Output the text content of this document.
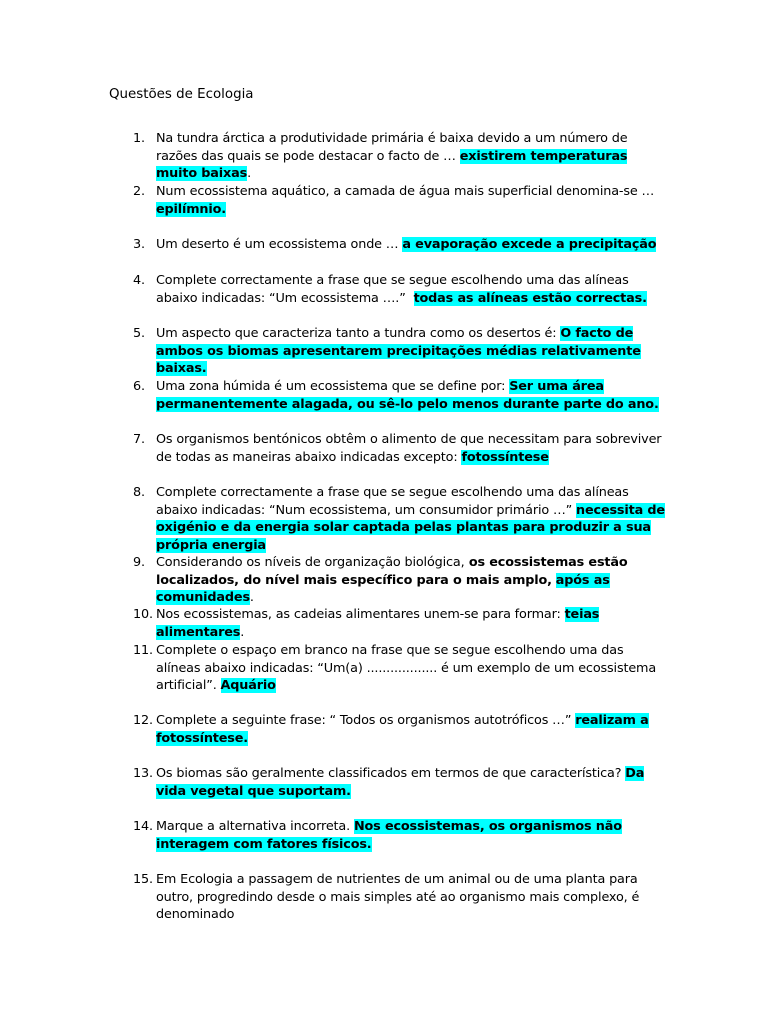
Questões de Ecologia
1. Na tundra árctica a produtividade primária é baixa devido a um número de razões das quais se pode destacar o facto de … existirem temperaturas muito baixas.
2. Num ecossistema aquático, a camada de água mais superficial denomina-se … epilímnio.
3. Um deserto é um ecossistema onde … a evaporação excede a precipitação
4. Complete correctamente a frase que se segue escolhendo uma das alíneas abaixo indicadas: “Um ecossistema ….” todas as alíneas estão correctas.
5. Um aspecto que caracteriza tanto a tundra como os desertos é: O facto de ambos os biomas apresentarem precipitações médias relativamente baixas.
6. Uma zona húmida é um ecossistema que se define por: Ser uma área permanentemente alagada, ou sê-lo pelo menos durante parte do ano.
7. Os organismos bentónicos obtêm o alimento de que necessitam para sobreviver de todas as maneiras abaixo indicadas excepto: fotossíntese
8. Complete correctamente a frase que se segue escolhendo uma das alíneas abaixo indicadas: “Num ecossistema, um consumidor primário …” necessita de oxigénio e da energia solar captada pelas plantas para produzir a sua própria energia
9. Considerando os níveis de organização biológica, os ecossistemas estão localizados, do nível mais específico para o mais amplo, após as comunidades.
10. Nos ecossistemas, as cadeias alimentares unem-se para formar: teias alimentares.
11. Complete o espaço em branco na frase que se segue escolhendo uma das alíneas abaixo indicadas: “Um(a) .................. é um exemplo de um ecossistema artificial”. Aquário
12. Complete a seguinte frase: “ Todos os organismos autotróficos …” realizam a fotossíntese.
13. Os biomas são geralmente classificados em termos de que característica? Da vida vegetal que suportam.
14. Marque a alternativa incorreta. Nos ecossistemas, os organismos não interagem com fatores físicos.
15. Em Ecologia a passagem de nutrientes de um animal ou de uma planta para outro, progredindo desde o mais simples até ao organismo mais complexo, é denominado
